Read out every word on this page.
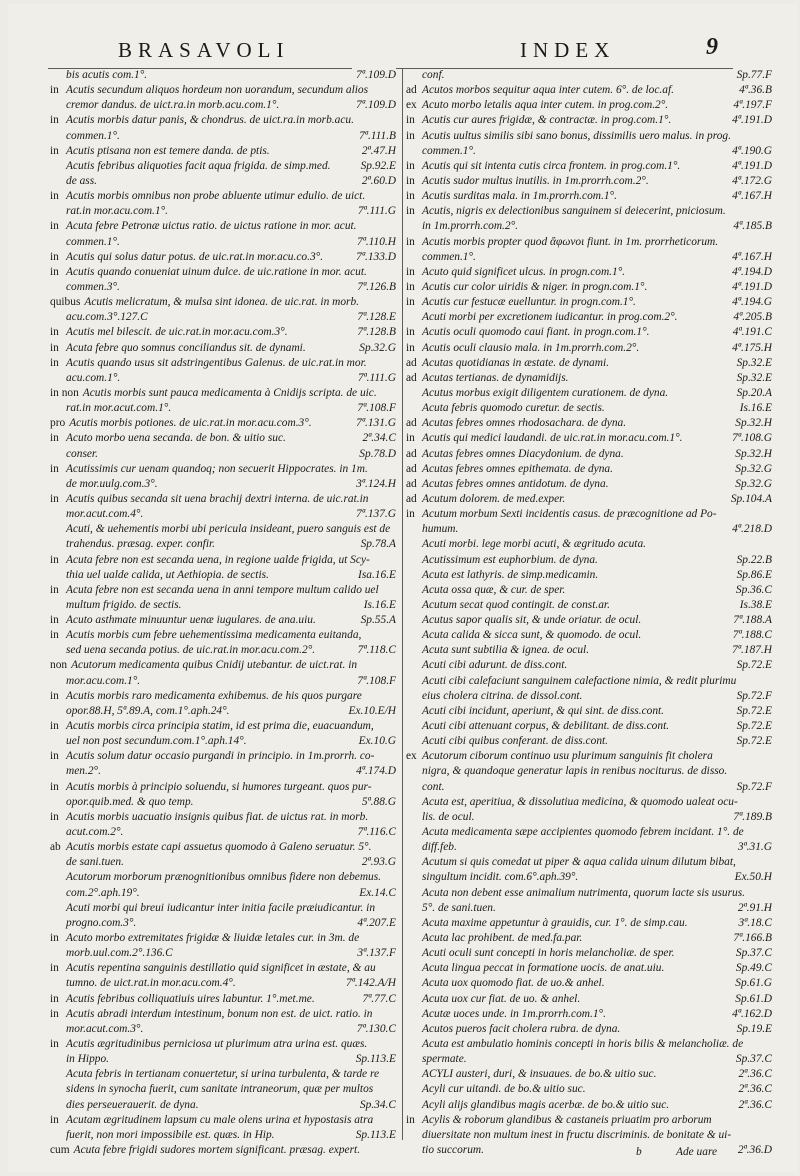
BRASAVOLI	INDEX	9
bis acutis com.1°.	7ª.109.D
in Acutis secundum aliquos hordeum non uorandum, secundum alios
cremor dandus. de uict.ra.in morb.acu.com.1°.	7ª.109.D
in Acutis morbis datur panis, & chondrus. de uict.ra.in morb.acu.
commen.1°.	7ª.111.B
in Acutis ptisana non est temere danda. de ptis.	2ª.47.H
Acutis febribus aliquoties facit aqua frigida. de simp.med.	Sp.92.E
de ass.	2ª.60.D
in Acutis morbis omnibus non probe abluente utimur edulio. de uict.
rat.in mor.acu.com.1°.	7ª.111.G
in Acuta febre Petronæ uictus ratio. de uictus ratione in mor. acut.
commen.1°.	7ª.110.H
in Acutis qui solus datur potus. de uic.rat.in mor.acu.co.3°.	7ª.133.D
in Acutis quando conueniat uinum dulce. de uic.ratione in mor. acut.
commen.3°.	7ª.126.B
quibus Acutis melicratum, & mulsa sint idonea. de uic.rat. in morb.
acu.com.3°.127.C	7ª.128.E
in Acutis mel bilescit. de uic.rat.in mor.acu.com.3°.	7ª.128.B
in Acuta febre quo somnus conciliandus sit. de dynami.	Sp.32.G
in Acutis quando usus sit adstringentibus Galenus. de uic.rat.in mor.
acu.com.1°.	7ª.111.G
in non Acutis morbis sunt pauca medicamenta à Cnidijs scripta. de uic.
rat.in mor.acut.com.1°.	7ª.108.F
pro Acutis morbis potiones. de uic.rat.in mor.acu.com.3°.	7ª.131.G
in Acuto morbo uena secanda. de bon. & uitio suc.	2ª.34.C
conser.	Sp.78.D
in Acutissimis cur uenam quandoq; non secuerit Hippocrates. in 1m.
de mor.uulg.com.3°.	3ª.124.H
in Acutis quibus secanda sit uena brachij dextri interna. de uic.rat.in
mor.acut.com.4°.	7ª.137.G
Acuti, & uehementis morbi ubi pericula insideant, puero sanguis est de
trahendus. præsag. exper. confir.	Sp.78.A
in Acuta febre non est secanda uena, in regione ualde frigida, ut Scy-
thia uel ualde calida, ut Aethiopia. de sectis.	Isa.16.E
in Acuta febre non est secanda uena in anni tempore multum calido uel
multum frigido. de sectis.	Is.16.E
in Acuto asthmate minuuntur uenæ iugulares. de ana.uiu.	Sp.55.A
in Acutis morbis cum febre uehementissima medicamenta euitanda,
sed uena secanda potius. de uic.rat.in mor.acu.com.2°.	7ª.118.C
non Acutorum medicamenta quibus Cnidij utebantur. de uict.rat. in
mor.acu.com.1°.	7ª.108.F
in Acutis morbis raro medicamenta exhibemus. de his quos purgare
opor.88.H, 5ª.89.A, com.1°.aph.24°.	Ex.10.E/H
in Acutis morbis circa principia statim, id est prima die, euacuandum,
uel non post secundum.com.1°.aph.14°.	Ex.10.G
in Acutis solum datur occasio purgandi in principio. in 1m.prorrh. co-
men.2°.	4ª.174.D
in Acutis morbis à principio soluendu, si humores turgeant. quos pur-
opor.quib.med. & quo temp.	5ª.88.G
in Acutis morbis uacuatio insignis quibus fiat. de uictus rat. in morb.
acut.com.2°.	7ª.116.C
ab Acutis morbis estate capi assuetus quomodo à Galeno seruatur. 5°.
de sani.tuen.	2ª.93.G
Acutorum morborum prænognitionibus omnibus fidere non debemus.
com.2°.aph.19°.	Ex.14.C
Acuti morbi qui breui iudicantur inter initia facile præiudicantur. in
progno.com.3°.	4ª.207.E
in Acuto morbo extremitates frigidæ & liuidæ letales cur. in 3m. de
morb.uul.com.2°.136.C	3ª.137.F
in Acutis repentina sanguinis destillatio quid significet in æstate, & au
tumno. de uict.rat.in mor.acu.com.4°.	7ª.142.A/H
in Acutis febribus colliquatiuis uires labuntur. 1°.met.me.	7ª.77.C
in Acutis abradi interdum intestinum, bonum non est. de uict. ratio. in
mor.acut.com.3°.	7ª.130.C
in Acutis ægritudinibus perniciosa ut plurimum atra urina est. quæs.
in Hippo.	Sp.113.E
Acuta febris in tertianam conuertetur, si urina turbulenta, & tarde re
sidens in synocha fuerit, cum sanitate intraneorum, quæ per multos
dies perseuerauerit. de dyna.	Sp.34.C
in Acutam ægritudinem lapsum cu male olens urina et hypostasis atra
fuerit, non mori impossibile est. quæs. in Hip.	Sp.113.E
cum Acuta febre frigidi sudores mortem significant. præsag. expert.
conf.	Sp.77.F
ad Acutos morbos sequitur aqua inter cutem. 6°. de loc.af.	4ª.36.B
ex Acuto morbo letalis aqua inter cutem. in prog.com.2°.	4ª.197.F
in Acutis cur aures frigidæ, & contractæ. in prog.com.1°.	4ª.191.D
in Acutis uultus similis sibi sano bonus, dissimilis uero malus. in prog.
commen.1°.	4ª.190.G
in Acutis qui sit intenta cutis circa frontem. in prog.com.1°.	4ª.191.D
in Acutis sudor multus inutilis. in 1m.prorrh.com.2°.	4ª.172.G
in Acutis surditas mala. in 1m.prorrh.com.1°.	4ª.167.H
in Acutis, nigris ex delectionibus sanguinem si deiecerint, pniciosum.
in 1m.prorrh.com.2°.	4ª.185.B
in Acutis morbis propter quod ἄφωνοι fiunt. in 1m. prorrheticorum.
commen.1°.	4ª.167.H
in Acuto quid significet ulcus. in progn.com.1°.	4ª.194.D
in Acutis cur color uiridis & niger. in progn.com.1°.	4ª.191.D
in Acutis cur festucæ euelluntur. in progn.com.1°.	4ª.194.G
Acuti morbi per excretionem iudicantur. in prog.com.2°.	4ª.205.B
in Acutis oculi quomodo caui fiant. in progn.com.1°.	4ª.191.C
in Acutis oculi clausio mala. in 1m.prorrh.com.2°.	4ª.175.H
ad Acutas quotidianas in æstate. de dynami.	Sp.32.E
ad Acutas tertianas. de dynamidijs.	Sp.32.E
Acutus morbus exigit diligentem curationem. de dyna.	Sp.20.A
Acuta febris quomodo curetur. de sectis.	Is.16.E
ad Acutas febres omnes rhodosachara. de dyna.	Sp.32.H
in Acutis qui medici laudandi. de uic.rat.in mor.acu.com.1°.	7ª.108.G
ad Acutas febres omnes Diacydonium. de dyna.	Sp.32.H
ad Acutas febres omnes epithemata. de dyna.	Sp.32.G
ad Acutas febres omnes antidotum. de dyna.	Sp.32.G
ad Acutum dolorem. de med.exper.	Sp.104.A
in Acutum morbum Sexti incidentis casus. de præcognitione ad Po-
humum.	4ª.218.D
Acuti morbi. lege morbi acuti, & ægritudo acuta.
Acutissimum est euphorbium. de dyna.	Sp.22.B
Acuta est lathyris. de simp.medicamin.	Sp.86.E
Acuta ossa quæ, & cur. de sper.	Sp.36.C
Acutum secat quod contingit. de const.ar.	Is.38.E
Acutus sapor qualis sit, & unde oriatur. de ocul.	7ª.188.A
Acuta calida & sicca sunt, & quomodo. de ocul.	7ª.188.C
Acuta sunt subtilia & ignea. de ocul.	7ª.187.H
Acuti cibi adurunt. de diss.cont.	Sp.72.E
Acuti cibi calefaciunt sanguinem calefactione nimia, & redit plurimu
eius cholera citrina. de dissol.cont.	Sp.72.F
Acuti cibi incidunt, aperiunt, & qui sint. de diss.cont.	Sp.72.E
Acuti cibi attenuant corpus, & debilitant. de diss.cont.	Sp.72.E
Acuti cibi quibus conferant. de diss.cont.	Sp.72.E
ex Acutorum ciborum continuo usu plurimum sanguinis fit cholera
nigra, & quandoque generatur lapis in renibus nociturus. de disso.
cont.	Sp.72.F
Acuta est, aperitiua, & dissolutiua medicina, & quomodo ualeat ocu-
lis. de ocul.	7ª.189.B
Acuta medicamenta sæpe accipientes quomodo febrem incidant. 1°. de
diff.feb.	3ª.31.G
Acutum si quis comedat ut piper & aqua calida uinum dilutum bibat,
singultum incidit. com.6°.aph.39°.	Ex.50.H
Acuta non debent esse animalium nutrimenta, quorum lacte sis usurus.
5°. de sani.tuen.	2ª.91.H
Acuta maxime appetuntur à grauidis, cur. 1°. de simp.cau.	3ª.18.C
Acuta lac prohibent. de med.fa.par.	7ª.166.B
Acuti oculi sunt concepti in horis melancholiæ. de sper.	Sp.37.C
Acuta lingua peccat in formatione uocis. de anat.uiu.	Sp.49.C
Acuta uox quomodo fiat. de uo.& anhel.	Sp.61.G
Acuta uox cur fiat. de uo. & anhel.	Sp.61.D
Acutæ uoces unde. in 1m.prorrh.com.1°.	4ª.162.D
Acutos pueros facit cholera rubra. de dyna.	Sp.19.E
Acuta est ambulatio hominis concepti in horis bilis & melancholiæ. de
spermate.	Sp.37.C
ACYLI austeri, duri, & insuaues. de bo.& uitio suc.	2ª.36.C
Acyli cur uitandi. de bo.& uitio suc.	2ª.36.C
Acyli alijs glandibus magis acerbæ. de bo.& uitio suc.	2ª.36.C
in Acylis & roborum glandibus & castaneis priuatim pro arborum
diuersitate non multum inest in fructu discriminis. de bonitate & ui-
tio succorum.	2ª.36.D
b	Ade uare
